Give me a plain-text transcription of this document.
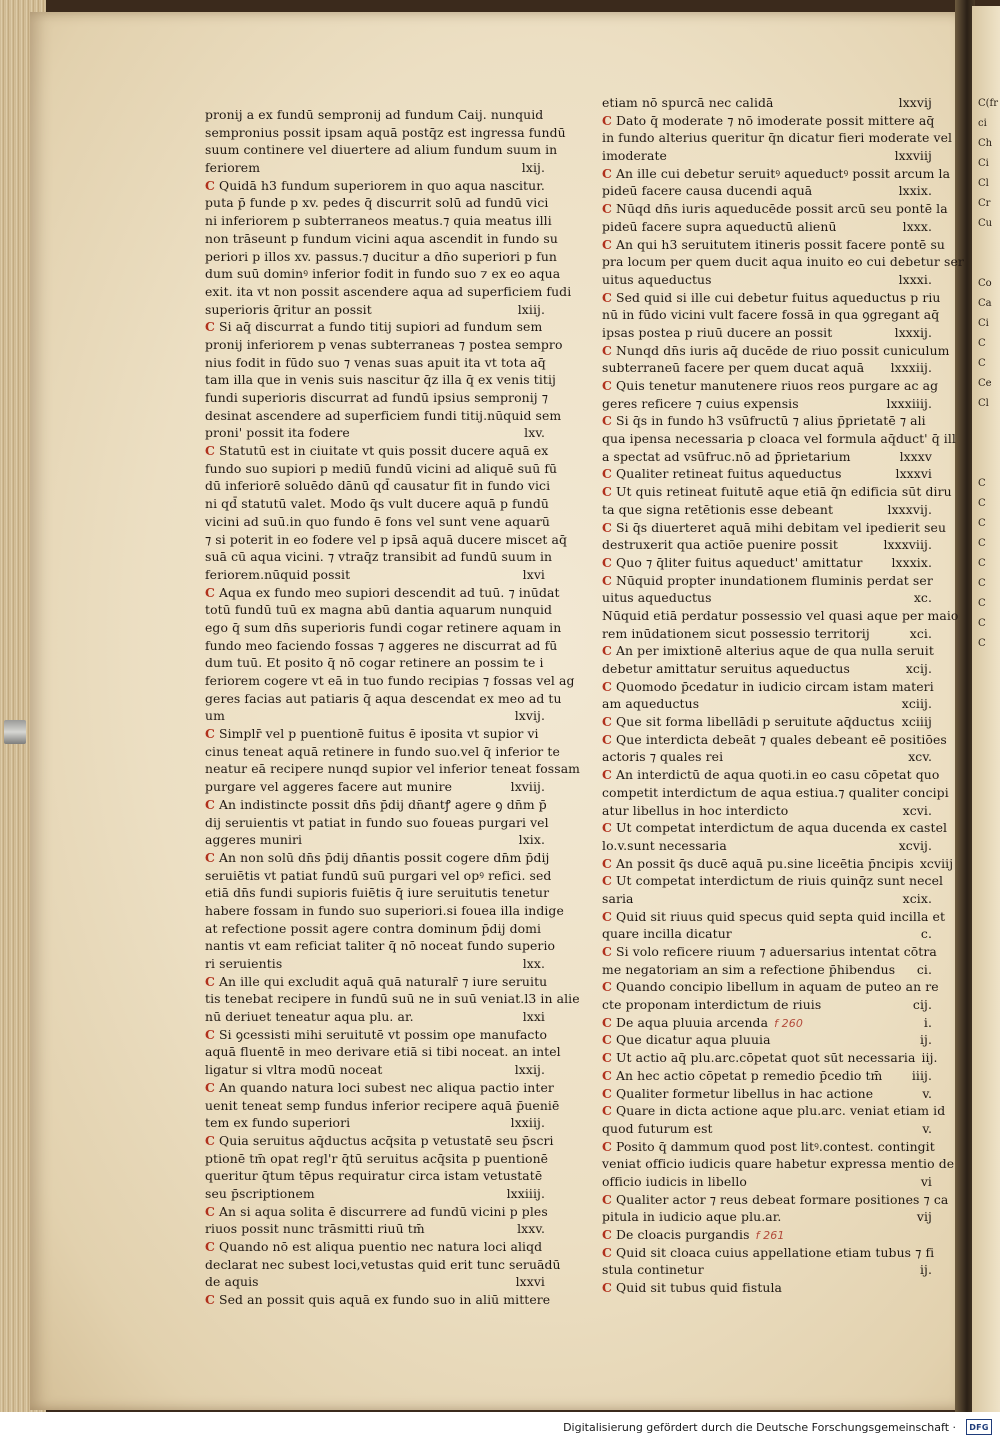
C(fr
ci
Ch
Ci
Cl
Cr
Cu
Co
Ca
Ci
C
C
Ce
Cl
C
C
C
C
C
C
C
C
C
pronij a ex fundū sempronij ad fundum Caij. nunquid
sempronius possit ipsam aquā postq̄z est ingressa fundū
suum continere vel diuertere ad alium fundum suum in
feriorem	lxij.
C Quidā h3 fundum superiorem in quo aqua nascitur.
puta p̄ funde p xv. pedes q̄ discurrit solū ad fundū vici
ni inferiorem p subterraneos meatus.⁊ quia meatus illi
non trāseunt p fundum vicini aqua ascendit in fundo su
periori p illos xv. passus.⁊ ducitur a dn̄o superiori p fun
dum suū dominꝰ inferior fodit in fundo suo ⁊ ex eo aqua
exit. ita vt non possit ascendere aqua ad superficiem fudi
superioris q̄ritur an possit	lxiij.
C Si aq̄ discurrat a fundo titij supiori ad fundum sem
pronij inferiorem p venas subterraneas ⁊ postea sempro
nius fodit in fūdo suo ⁊ venas suas apuit ita vt tota aq̄
tam illa que in venis suis nascitur q̄z illa q̄ ex venis titij
fundi superioris discurrat ad fundū ipsius sempronij ⁊
desinat ascendere ad superficiem fundi titij.nūquid sem
proni' possit ita fodere	lxv.
C Statutū est in ciuitate vt quis possit ducere aquā ex
fundo suo supiori p mediū fundū vicini ad aliquē suū fū
dū inferiorē soluēdo dānū qd̄ causatur fit in fundo vici
ni qd̄ statutū valet. Modo q̄s vult ducere aquā p fundū
vicini ad suū.in quo fundo ē fons vel sunt vene aquarū
⁊ si poterit in eo fodere vel p ipsā aquā ducere miscet aq̄
suā cū aqua vicini. ⁊ vtraq̄z transibit ad fundū suum in
feriorem.nūquid possit	lxvi
C Aqua ex fundo meo supiori descendit ad tuū. ⁊ inūdat
totū fundū tuū ex magna abū dantia aquarum nunquid
ego q̄ sum dn̄s superioris fundi cogar retinere aquam in
fundo meo faciendo fossas ⁊ aggeres ne discurrat ad fū
dum tuū. Et posito q̄ nō cogar retinere an possim te i
feriorem cogere vt eā in tuo fundo recipias ⁊ fossas vel ag
geres facias aut patiaris q̄ aqua descendat ex meo ad tu
um	lxvij.
C Simplr̄ vel p puentionē fuitus ē iposita vt supior vi
cinus teneat aquā retinere in fundo suo.vel q̄ inferior te
neatur eā recipere nunqd supior vel inferior teneat fossam
purgare vel aggeres facere aut munire	lxviij.
C An indistincte possit dn̄s p̄dij dn̄antꝭ agere ꝯ dn̄m p̄
dij seruientis vt patiat in fundo suo foueas purgari vel
aggeres muniri	lxix.
C An non solū dn̄s p̄dij dn̄antis possit cogere dn̄m p̄dij
seruiētis vt patiat fundū suū purgari vel opꝰ refici. sed
etiā dn̄s fundi supioris fuiētis q̄ iure seruitutis tenetur
habere fossam in fundo suo superiori.si fouea illa indige
at refectione possit agere contra dominum p̄dij domi
nantis vt eam reficiat taliter q̄ nō noceat fundo superio
ri seruientis	lxx.
C An ille qui excludit aquā quā naturalr̄ ⁊ iure seruitu
tis tenebat recipere in fundū suū ne in suū veniat.l3 in alie
nū deriuet teneatur aqua plu. ar.	lxxi
C Si ꝯcessisti mihi seruitutē vt possim ope manufacto
aquā fluentē in meo derivare etiā si tibi noceat. an intel
ligatur si vltra modū noceat	lxxij.
C An quando natura loci subest nec aliqua pactio inter
uenit teneat semp fundus inferior recipere aquā p̄ueniē
tem ex fundo superiori	lxxiij.
C Quia seruitus aq̄ductus acq̄sita p vetustatē seu p̄scri
ptionē tm̄ opat regl'r q̄tū seruitus acq̄sita p puentionē
queritur q̄tum tēpus requiratur circa istam vetustatē
seu p̄scriptionem	lxxiiij.
C An si aqua solita ē discurrere ad fundū vicini p ples
riuos possit nunc trāsmitti riuū tm̄	lxxv.
C Quando nō est aliqua puentio nec natura loci aliqd
declarat nec subest loci,vetustas quid erit tunc seruādū
de aquis	lxxvi
C Sed an possit quis aquā ex fundo suo in aliū mittere
etiam nō spurcā nec calidā	lxxvij
C Dato q̄ moderate ⁊ nō imoderate possit mittere aq̄
in fundo alterius queritur q̄n dicatur fieri moderate vel
imoderate	lxxviij
C An ille cui debetur seruitꝰ aqueductꝰ possit arcum la
pideū facere causa ducendi aquā	lxxix.
C Nūqd dn̄s iuris aqueducēde possit arcū seu pontē la
pideū facere supra aqueductū alienū	lxxx.
C An qui h3 seruitutem itineris possit facere pontē su
pra locum per quem ducit aqua inuito eo cui debetur ser
uitus aqueductus	lxxxi.
C Sed quid si ille cui debetur fuitus aqueductus p riu
nū in fūdo vicini vult facere fossā in qua ꝯgregant aq̄
ipsas postea p riuū ducere an possit	lxxxij.
C Nunqd dn̄s iuris aq̄ ducēde de riuo possit cuniculum
subterraneū facere per quem ducat aquā	lxxxiij.
C Quis tenetur manutenere riuos reos purgare ac ag
geres reficere ⁊ cuius expensis	lxxxiiij.
C Si q̄s in fundo h3 vsūfructū ⁊ alius p̄prietatē ⁊ ali
qua ipensa necessaria p cloaca vel formula aq̄duct' q̄ ill
a spectat ad vsūfruc.nō ad p̄prietarium	lxxxv
C Qualiter retineat fuitus aqueductus	lxxxvi
C Ut quis retineat fuitutē aque etiā q̄n edificia sūt diru
ta que signa retētionis esse debeant	lxxxvij.
C Si q̄s diuerteret aquā mihi debitam vel ipedierit seu
destruxerit qua actiōe puenire possit	lxxxviij.
C Quo ⁊ q̄liter fuitus aqueduct' amittatur	lxxxix.
C Nūquid propter inundationem fluminis perdat ser
uitus aqueductus	xc.
Nūquid etiā perdatur possessio vel quasi aque per maio
rem inūdationem sicut possessio territorij	xci.
C An per imixtionē alterius aque de qua nulla seruit
debetur amittatur seruitus aqueductus	xcij.
C Quomodo p̄cedatur in iudicio circam istam materi
am aqueductus	xciij.
C Que sit forma libellādi p seruitute aq̄ductus xciiij
C Que interdicta debeāt ⁊ quales debeant eē positiōes
actoris ⁊ quales rei	xcv.
C An interdictū de aqua quoti.in eo casu cōpetat quo
competit interdictum de aqua estiua.⁊ qualiter concipi
atur libellus in hoc interdicto	xcvi.
C Ut competat interdictum de aqua ducenda ex castel
lo.v.sunt necessaria	xcvij.
C An possit q̄s ducē aquā pu.sine liceētia p̄ncipis xcviij
C Ut competat interdictum de riuis quinq̄z sunt necel
saria	xcix.
C Quid sit riuus quid specus quid septa quid incilla et
quare incilla dicatur	c.
C Si volo reficere riuum ⁊ aduersarius intentat cōtra
me negatoriam an sim a refectione p̄hibendus	ci.
C Quando concipio libellum in aquam de puteo an re
cte proponam interdictum de riuis	cij.
C De aqua pluuia arcenda f 260	i.
C Que dicatur aqua pluuia	ij.
C Ut actio aq̄ plu.arc.cōpetat quot sūt necessaria iij.
C An hec actio cōpetat p remedio p̄cedio tm̄	iiij.
C Qualiter formetur libellus in hac actione	v.
C Quare in dicta actione aque plu.arc. veniat etiam id
quod futurum est	v.
C Posito q̄ dammum quod post litꝰ.contest. contingit
veniat officio iudicis quare habetur expressa mentio de
officio iudicis in libello	vi
C Qualiter actor ⁊ reus debeat formare positiones ⁊ ca
pitula in iudicio aque plu.ar.	vij
C De cloacis purgandis f 261
C Quid sit cloaca cuius appellatione etiam tubus ⁊ fi
stula continetur	ij.
C Quid sit tubus quid fistula
Digitalisierung gefördert durch die Deutsche Forschungsgemeinschaft ·	DFG
